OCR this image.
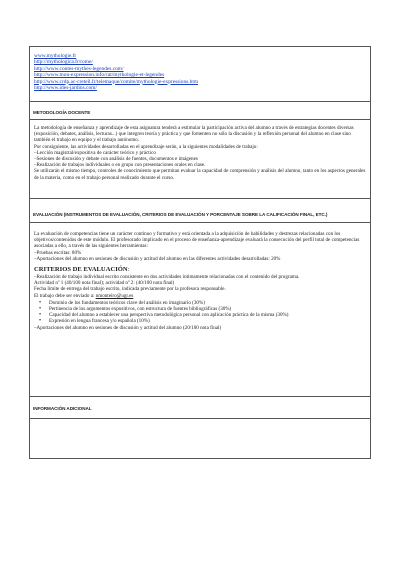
www.mythologie.fr
http://mythologica.fr/rome/
http://www.contes-mythes-legendes.com/
http://www.mon-expression.info/cat/mythologie-et-legendes
http://www.crdp.ac-creteil.fr/telemaque/comite/mythologie-expressions.htm
http://www.ides-jardins.com/
METODOLOGÍA DOCENTE

La metodología de enseñanza y aprendizaje de esta asignatura tenderá a estimular la participación activa del alumno a través de estrategias docentes diversas (exposición, debates, análisis, lecturas...) que integren teoría y práctica y que fomenten no sólo la discusión y la reflexión personal del alumno en clase sino también el trabajo en equipo y el trabajo autónomo.

Por consiguiente, las actividades desarrolladas en el aprendizaje serán, a la siguientes modalidades de trabajo:

–Lección magistral/expositiva de carácter teórico y práctico

–Sesiones de discusión y debate con análisis de fuentes, documentos e imágenes

–Realización de trabajos individuales o en grupo con presentaciones orales en clase.

Se utilizarán el mismo tiempo, controles de conocimiento que permitan evaluar la capacidad de comprensión y análisis del alumno, tanto en los aspectos generales de la materia, como en el trabajo personal realizado durante el curso.

EVALUACIÓN (INSTRUMENTOS DE EVALUACIÓN, CRITERIOS DE EVALUACIÓN Y PORCENTAJE SOBRE LA CALIFICACIÓN FINAL, ETC.)

La evaluación de competencias tiene un carácter continuo y formativo y está orientada a la adquisición de habilidades y destrezas relacionadas con los objetivos/contenidos de este módulo. El profesorado implicado en el proceso de enseñanza-aprendizaje evaluará la consecución del perfil total de competencias asociadas a ello, a través de las siguientes herramientas:

–Pruebas escritas: 80%

–Aportaciones del alumno en sesiones de discusión y actitud del alumno en las diferentes actividades desarrolladas: 20%

CRITERIOS DE EVALUACIÓN:

–Realización de trabajo individual escrito consistente en dos actividades íntimamente relacionadas con el contenido del programa.

Actividad nº 1 (40/100 nota final); actividad nº 2: (40/100 nota final)

Fecha límite de entrega del trabajo escrito, indicada previamente por la profesora responsable.

El trabajo debe ser enviado a: nmonteiro@ugr.es

• Dominio de los fundamentos teóricos clave del análisis en imaginario (30%)
• Pertinencia de los argumentos expositivos, con estructura de fuentes bibliográficas (30%)
• Capacidad del alumno a establecer una perspectiva metodológica personal con aplicación práctica de la misma (30%)
• Expresión en lengua francesa y/o española (10%)

–Aportaciones del alumno en sesiones de discusión y actitud del alumno (20/100 nota final)

INFORMACIÓN ADICIONAL
